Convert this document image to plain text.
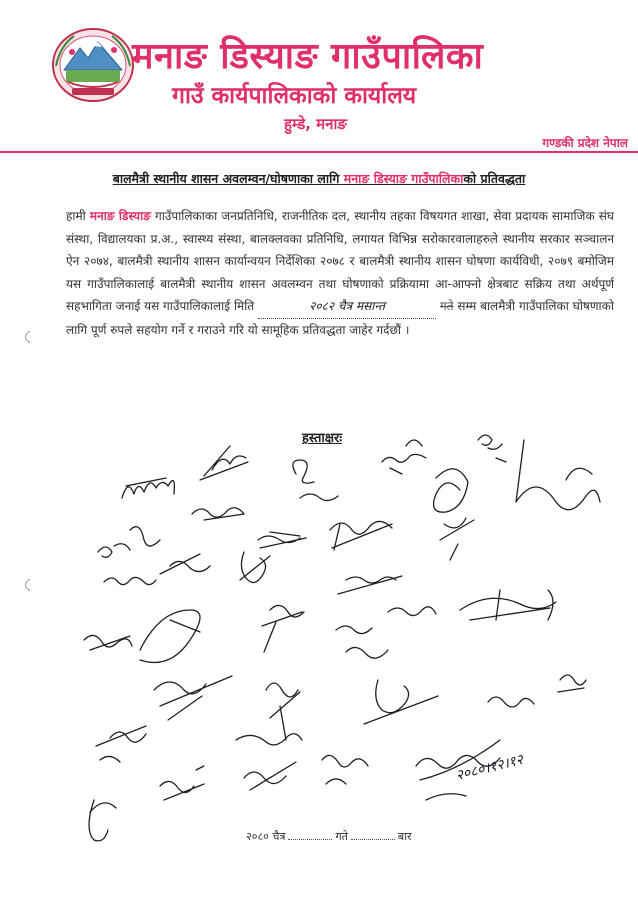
मनाङ डिस्याङ गाउँपालिका
गाउँ कार्यपालिकाको कार्यालय
हुम्डे, मनाङ
गण्डकी प्रदेश नेपाल
बालमैत्री स्थानीय शासन अवलम्वन/घोषणाका लागि मनाङ डिस्याङ गाउँपालिकाको प्रतिवद्धता
हामी मनाङ डिस्याङ गाउँपालिकाका जनप्रतिनिधि, राजनीतिक दल, स्थानीय तहका विषयगत शाखा, सेवा प्रदायक सामाजिक संघ संस्था, विद्यालयका प्र.अ., स्वास्थ्य संस्था, बालक्लवका प्रतिनिधि, लगायत विभिन्न सरोकारवालाहरुले स्थानीय सरकार सञ्चालन ऐन २०७४, बालमैत्री स्थानीय शासन कार्यान्वयन निर्देशिका २०७८ र बालमैत्री स्थानीय शासन घोषणा कार्यविधी, २०७९ बमोजिम यस गाउँपालिकालाई बालमैत्री स्थानीय शासन अवलम्वन तथा घोषणाको प्रक्रियामा आ-आफ्नो क्षेत्रबाट सक्रिय तथा अर्थपूर्ण सहभागिता जनाई यस गाउँपालिकालाई मिति	२०८२ चैत्र मसान्त	गते सम्म बालमैत्री गाउँपालिका घोषणाको लागि पूर्ण रुपले सहयोग गर्ने र गराउने गरि यो सामूहिक प्रतिवद्धता जाहेर गर्दछौं ।
हस्ताक्षरः
२०८०।१२।१२
२०८० चैत्र	गते	बार
